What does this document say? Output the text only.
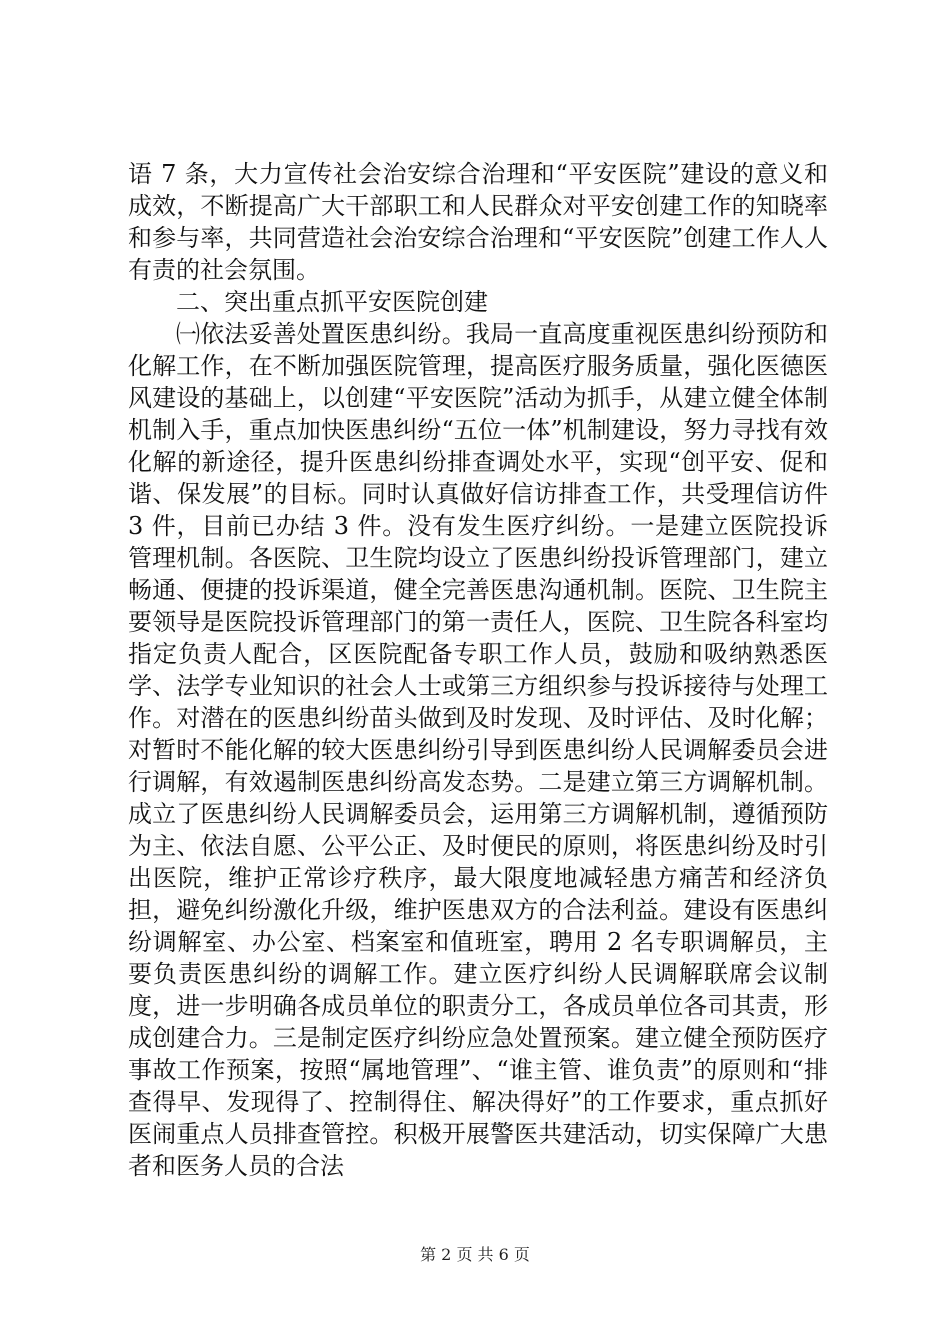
语 7 条，大力宣传社会治安综合治理和“平安医院”建设的意义和成效，不断提高广大干部职工和人民群众对平安创建工作的知晓率和参与率，共同营造社会治安综合治理和“平安医院”创建工作人人有责的社会氛围。

二、突出重点抓平安医院创建

㈠依法妥善处置医患纠纷。我局一直高度重视医患纠纷预防和化解工作，在不断加强医院管理，提高医疗服务质量，强化医德医风建设的基础上，以创建“平安医院”活动为抓手，从建立健全体制机制入手，重点加快医患纠纷“五位一体”机制建设，努力寻找有效化解的新途径，提升医患纠纷排查调处水平，实现“创平安、促和谐、保发展”的目标。同时认真做好信访排查工作，共受理信访件 3 件，目前已办结 3 件。没有发生医疗纠纷。一是建立医院投诉管理机制。各医院、卫生院均设立了医患纠纷投诉管理部门，建立畅通、便捷的投诉渠道，健全完善医患沟通机制。医院、卫生院主要领导是医院投诉管理部门的第一责任人，医院、卫生院各科室均指定负责人配合，区医院配备专职工作人员，鼓励和吸纳熟悉医学、法学专业知识的社会人士或第三方组织参与投诉接待与处理工作。对潜在的医患纠纷苗头做到及时发现、及时评估、及时化解；对暂时不能化解的较大医患纠纷引导到医患纠纷人民调解委员会进行调解，有效遏制医患纠纷高发态势。二是建立第三方调解机制。成立了医患纠纷人民调解委员会，运用第三方调解机制，遵循预防为主、依法自愿、公平公正、及时便民的原则，将医患纠纷及时引出医院，维护正常诊疗秩序，最大限度地减轻患方痛苦和经济负担，避免纠纷激化升级，维护医患双方的合法利益。建设有医患纠纷调解室、办公室、档案室和值班室，聘用 2 名专职调解员，主要负责医患纠纷的调解工作。建立医疗纠纷人民调解联席会议制度，进一步明确各成员单位的职责分工，各成员单位各司其责，形成创建合力。三是制定医疗纠纷应急处置预案。建立健全预防医疗事故工作预案，按照“属地管理”、“谁主管、谁负责”的原则和“排查得早、发现得了、控制得住、解决得好”的工作要求，重点抓好医闹重点人员排查管控。积极开展警医共建活动，切实保障广大患者和医务人员的合法

第 2 页 共 6 页
